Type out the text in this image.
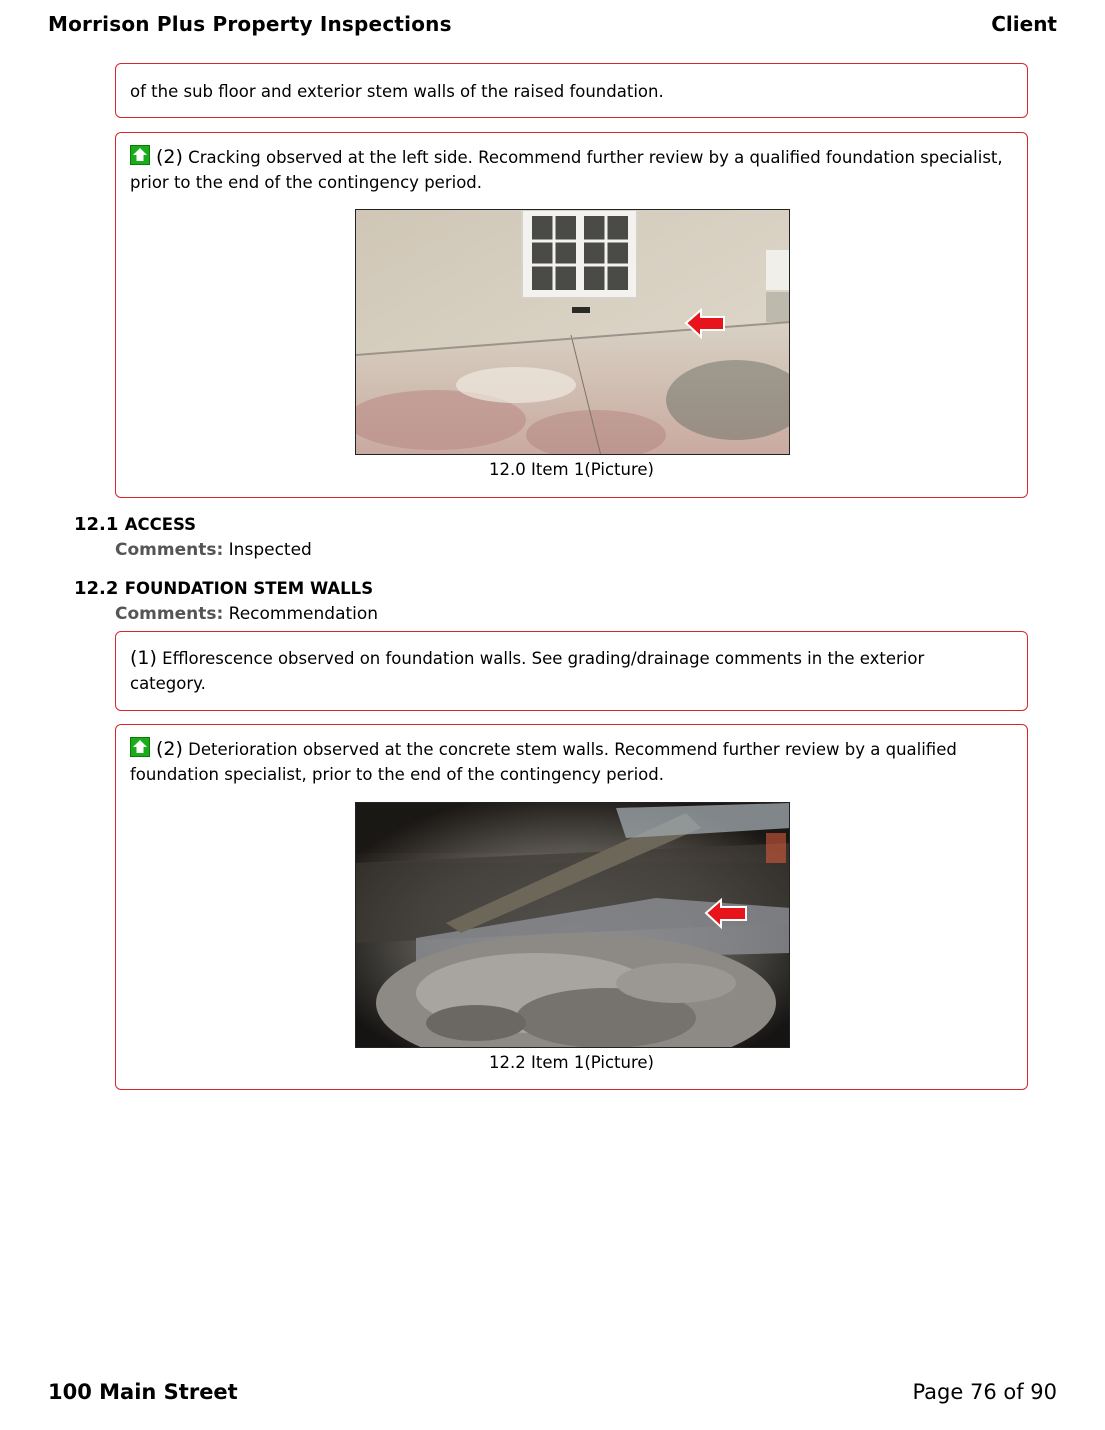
Morrison Plus Property Inspections	Client
of the sub floor and exterior stem walls of the raised foundation.
(2) Cracking observed at the left side. Recommend further review by a qualified foundation specialist, prior to the end of the contingency period.
12.0 Item 1(Picture)
12.1 ACCESS
Comments: Inspected
12.2 FOUNDATION STEM WALLS
Comments: Recommendation
(1) Efflorescence observed on foundation walls. See grading/drainage comments in the exterior category.
(2) Deterioration observed at the concrete stem walls. Recommend further review by a qualified foundation specialist, prior to the end of the contingency period.
12.2 Item 1(Picture)
100 Main Street	Page 76 of 90
